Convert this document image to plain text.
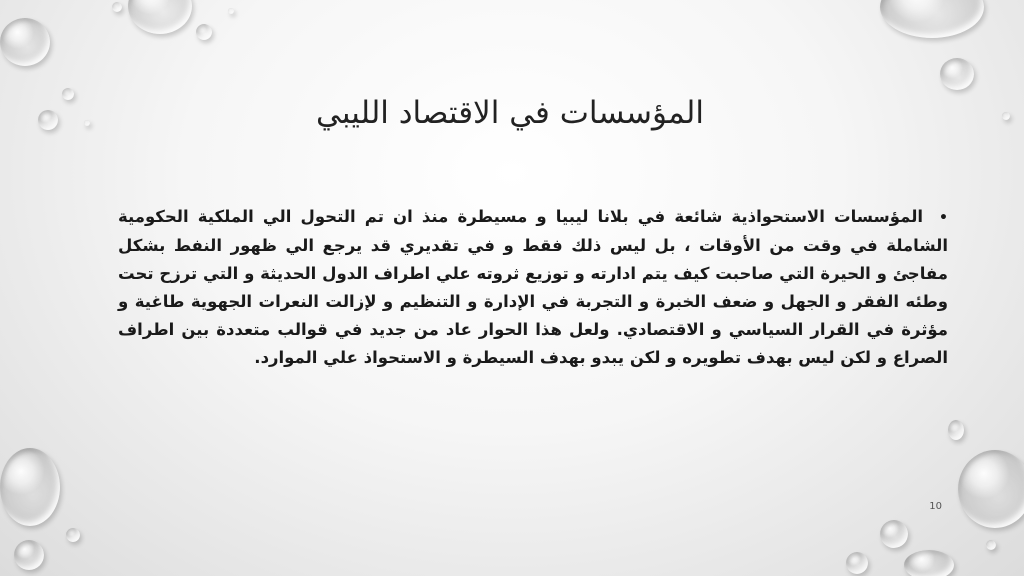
المؤسسات في الاقتصاد الليبي

•المؤسسات الاستحواذية شائعة في بلانا ليبيا و مسيطرة منذ ان تم التحول الي الملكية الحكومية الشاملة في وقت من الأوقات ، بل ليس ذلك فقط و في تقديري قد يرجع الي ظهور النفط بشكل مفاجئ و الحيرة التي صاحبت كيف يتم ادارته و توزيع ثروته علي اطراف الدول الحديثة و التي ترزح تحت وطئه الفقر و الجهل و ضعف الخبرة و التجربة في الإدارة و التنظيم و لإزالت النعرات الجهوية طاغية و مؤثرة في القرار السياسي و الاقتصادي. ولعل هذا الحوار عاد من جديد في قوالب متعددة بين اطراف الصراع و لكن ليس بهدف تطويره و لكن يبدو بهدف السيطرة و الاستحواذ علي الموارد.

10
